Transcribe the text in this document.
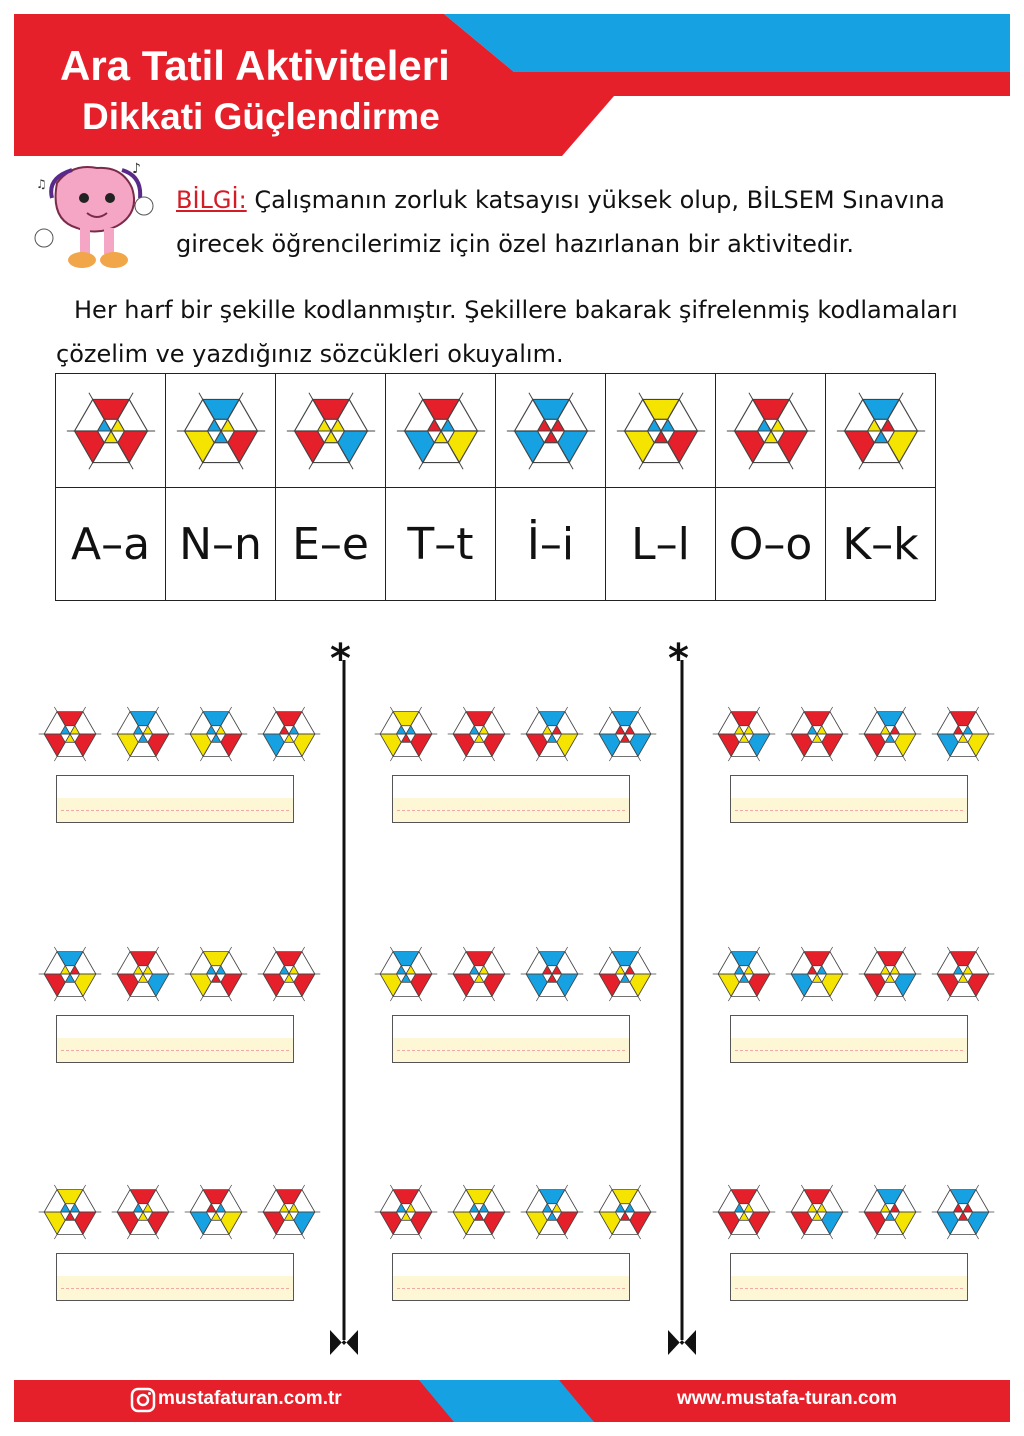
Ara Tatil Aktiviteleri
Dikkati Güçlendirme
♪
♫
BİLGİ: Çalışmanın zorluk katsayısı yüksek olup, BİLSEM Sınavına girecek öğrencilerimiz için özel hazırlanan bir aktivitedir.
Her harf bir şekille kodlanmıştır. Şekillere bakarak şifrelenmiş kodlamaları
çözelim ve yazdığınız sözcükleri okuyalım.

A–a	N–n	E–e	T–t	İ–i	L–l	O–o	K–k
*	*
mustafaturan.com.tr	www.mustafa-turan.com
